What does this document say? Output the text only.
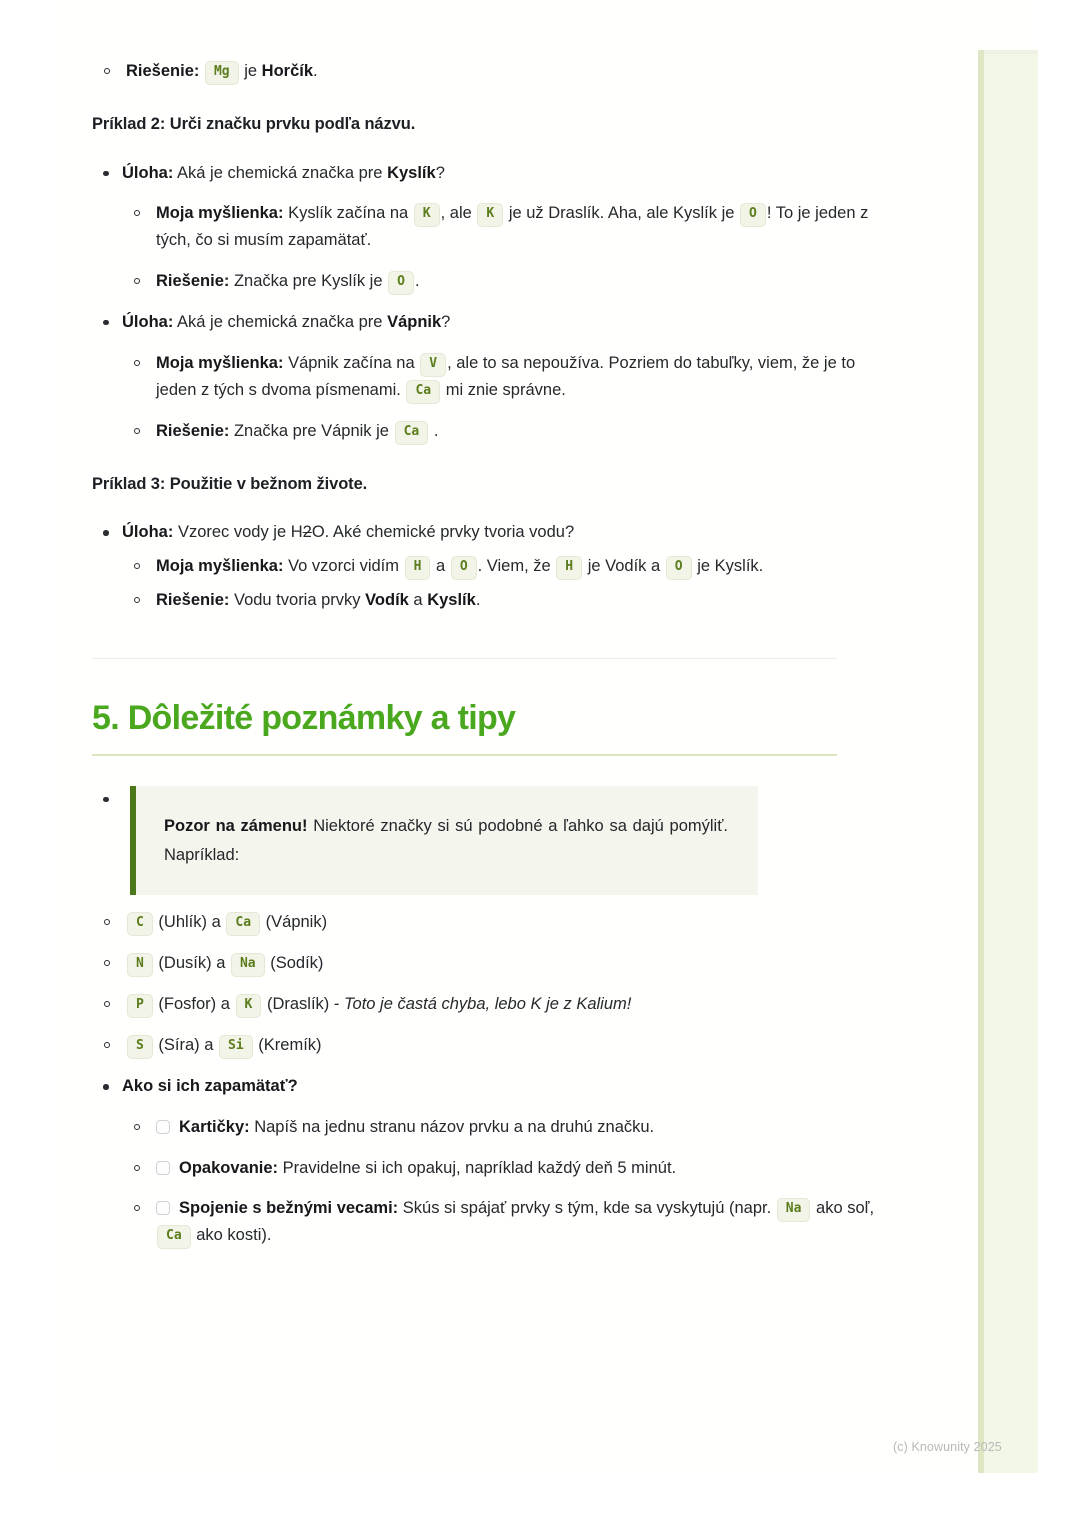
Riešenie: Mg je Horčík.

Príklad 2: Urči značku prvku podľa názvu.

Úloha: Aká je chemická značka pre Kyslík?
Moja myšlienka: Kyslík začína na K , ale K je už Draslík. Aha, ale Kyslík je O ! To je jeden z tých, čo si musím zapamätať.
Riešenie: Značka pre Kyslík je O .
Úloha: Aká je chemická značka pre Vápnik?
Moja myšlienka: Vápnik začína na V , ale to sa nepoužíva. Pozriem do tabuľky, viem, že je to jeden z tých s dvoma písmenami. Ca mi znie správne.
Riešenie: Značka pre Vápnik je Ca .

Príklad 3: Použitie v bežnom živote.

Úloha: Vzorec vody je H2O. Aké chemické prvky tvoria vodu?
Moja myšlienka: Vo vzorci vidím H a O . Viem, že H je Vodík a O je Kyslík.
Riešenie: Vodu tvoria prvky Vodík a Kyslík.
5. Dôležité poznámky a tipy
Pozor na zámenu! Niektoré značky si sú podobné a ľahko sa dajú pomýliť. Napríklad:
C (Uhlík) a Ca (Vápnik)
N (Dusík) a Na (Sodík)
P (Fosfor) a K (Draslík) - Toto je častá chyba, lebo K je z Kalium!
S (Síra) a Si (Kremík)
Ako si ich zapamätať?
Kartičky: Napíš na jednu stranu názov prvku a na druhú značku.
Opakovanie: Pravidelne si ich opakuj, napríklad každý deň 5 minút.
Spojenie s bežnými vecami: Skús si spájať prvky s tým, kde sa vyskytujú (napr. Na ako soľ, Ca ako kosti).
(c) Knowunity 2025
